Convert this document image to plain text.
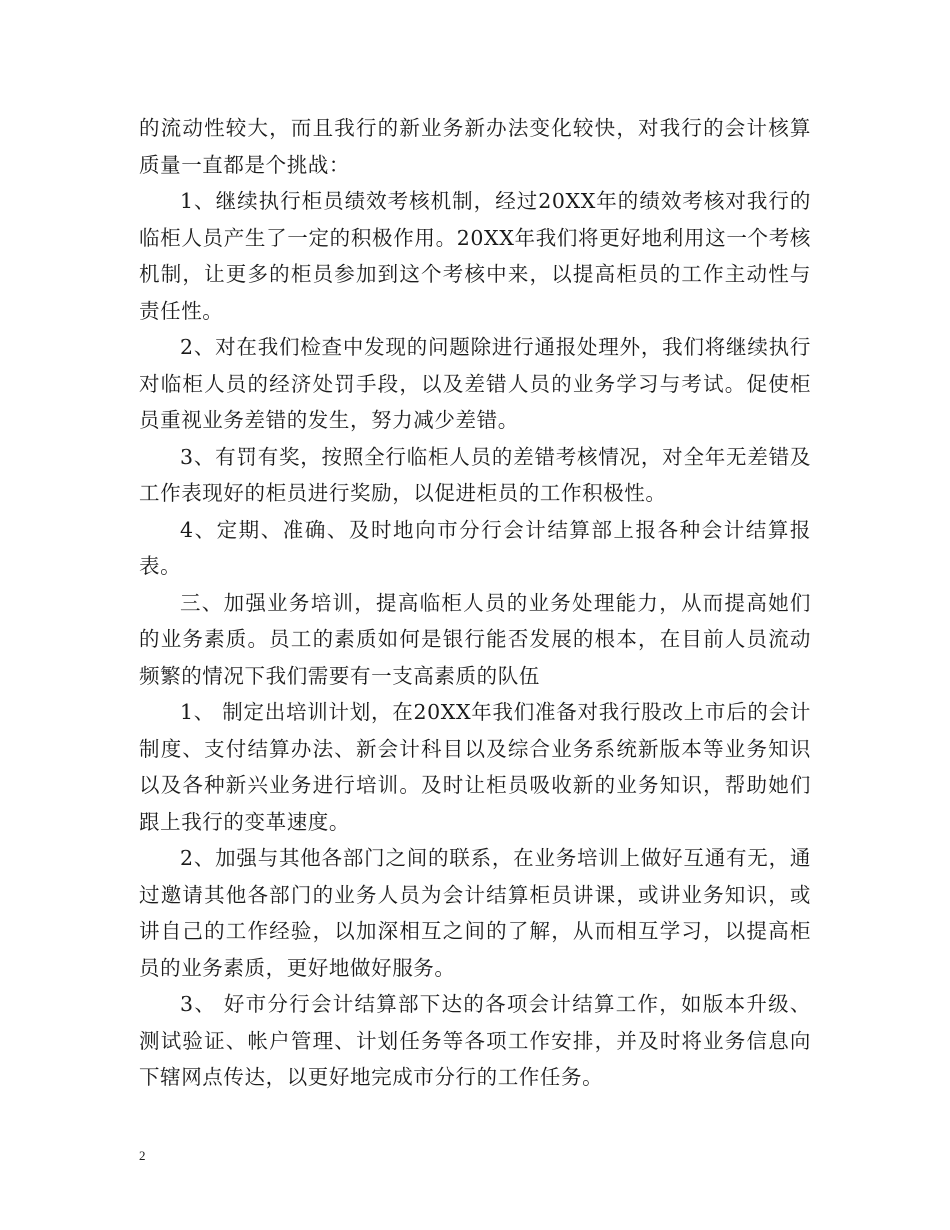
的流动性较大，而且我行的新业务新办法变化较快，对我行的会计核算质量一直都是个挑战：

1、继续执行柜员绩效考核机制，经过20XX年的绩效考核对我行的临柜人员产生了一定的积极作用。20XX年我们将更好地利用这一个考核机制，让更多的柜员参加到这个考核中来，以提高柜员的工作主动性与责任性。

2、对在我们检查中发现的问题除进行通报处理外，我们将继续执行对临柜人员的经济处罚手段，以及差错人员的业务学习与考试。促使柜员重视业务差错的发生，努力减少差错。

3、有罚有奖，按照全行临柜人员的差错考核情况，对全年无差错及工作表现好的柜员进行奖励，以促进柜员的工作积极性。

4、定期、准确、及时地向市分行会计结算部上报各种会计结算报表。

三、加强业务培训，提高临柜人员的业务处理能力，从而提高她们的业务素质。员工的素质如何是银行能否发展的根本，在目前人员流动频繁的情况下我们需要有一支高素质的队伍

1、 制定出培训计划，在20XX年我们准备对我行股改上市后的会计制度、支付结算办法、新会计科目以及综合业务系统新版本等业务知识以及各种新兴业务进行培训。及时让柜员吸收新的业务知识，帮助她们跟上我行的变革速度。

2、加强与其他各部门之间的联系，在业务培训上做好互通有无，通过邀请其他各部门的业务人员为会计结算柜员讲课，或讲业务知识，或讲自己的工作经验，以加深相互之间的了解，从而相互学习，以提高柜员的业务素质，更好地做好服务。

3、 好市分行会计结算部下达的各项会计结算工作，如版本升级、测试验证、帐户管理、计划任务等各项工作安排，并及时将业务信息向下辖网点传达，以更好地完成市分行的工作任务。

2
